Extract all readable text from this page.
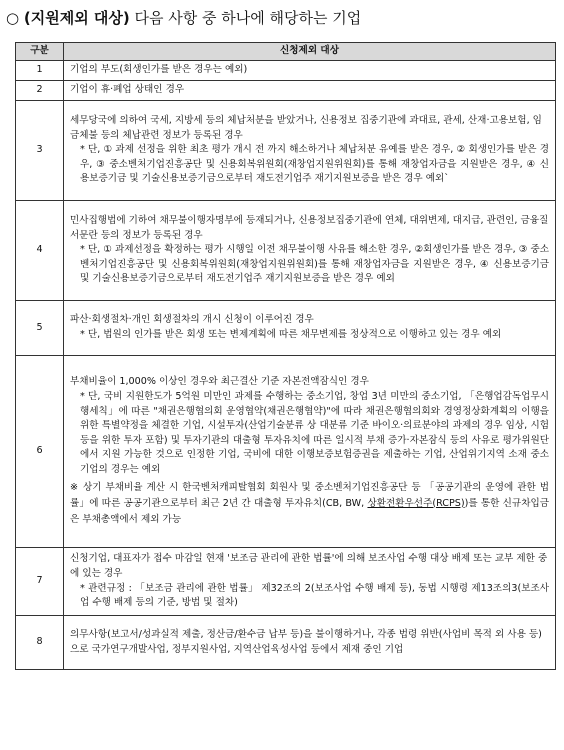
○ (지원제외 대상) 다음 사항 중 하나에 해당하는 기업
구분	신청제외 대상
1	기업의 부도(회생인가를 받은 경우는 예외)

2	기업이 휴·폐업 상태인 경우

3	세무당국에 의하여 국세, 지방세 등의 체납처분을 받았거나, 신용정보 집중기관에 과대료, 관세, 산재·고용보험, 임금체불 등의 체납관련 정보가 등록된 경우

* 단, ① 과제 선정을 위한 최초 평가 개시 전 까지 해소하거나 체납처분 유예를 받은 경우, ② 회생인가를 받은 경우, ③ 중소벤처기업진흥공단 및 신용회복위원회(재창업지원위원회)를 통해 재창업자금을 지원받은 경우, ④ 신용보증기금 및 기술신용보증기금으로부터 재도전기업주 재기지원보증을 받은 경우 예외`

4	민사집행법에 기하여 채무불이행자명부에 등재되거나, 신용정보집중기관에 연체, 대위변제, 대지급, 관련인, 금융질서문란 등의 정보가 등록된 경우

* 단, ① 과제선정을 확정하는 평가 시행일 이전 채무불이행 사유를 해소한 경우, ②회생인가를 받은 경우, ③ 중소벤처기업진흥공단 및 신용회복위원회(재창업지원위원회)를 통해 재창업자금을 지원받은 경우, ④ 신용보증기금 및 기술신용보증기금으로부터 재도전기업주 재기지원보증을 받은 경우 예외

5	파산·회생절차·개인 회생절차의 개시 신청이 이루어진 경우

* 단, 법원의 인가를 받은 회생 또는 변제계획에 따른 채무변제를 정상적으로 이행하고 있는 경우 예외

6	부채비율이 1,000% 이상인 경우와 최근결산 기준 자본전액잠식인 경우

* 단, 국비 지원한도가 5억원 미만인 과제를 수행하는 중소기업, 창업 3년 미만의 중소기업, 「은행업감독업무시행세칙」에 따른 "채권은행협의회 운영협약(채권은행협약)"에 따라 채권은행협의회와 경영정상화계획의 이행을 위한 특별약정을 체결한 기업, 시설투자(산업기술분류 상 대분류 기준 바이오·의료분야의 과제의 경우 임상, 시험 등을 위한 투자 포함) 및 투자기관의 대출형 투자유치에 따른 일시적 부채 증가·자본잠식 등의 사유로 평가위원단에서 지원 가능한 것으로 인정한 기업, 국비에 대한 이행보증보험증권을 제출하는 기업, 산업위기지역 소재 중소기업의 경우는 예외

※ 상기 부채비율 계산 시 한국벤처캐피탈협회 회원사 및 중소벤처기업진흥공단 등 「공공기관의 운영에 관한 법률」에 따른 공공기관으로부터 최근 2년 간 대출형 투자유치(CB, BW, 상환전환우선주(RCPS))를 통한 신규차입금은 부채총액에서 제외 가능

7	신청기업, 대표자가 접수 마감일 현재 '보조금 관리에 관한 법률'에 의해 보조사업 수행 대상 배제 또는 교부 제한 중에 있는 경우

* 관련규정 : 「보조금 관리에 관한 법률」 제32조의 2(보조사업 수행 배제 등), 동법 시행령 제13조의3(보조사업 수행 배제 등의 기준, 방법 및 절차)

8	의무사항(보고서/성과실적 제출, 정산금/환수금 납부 등)을 불이행하거나, 각종 법령 위반(사업비 목적 외 사용 등)으로 국가연구개발사업, 정부지원사업, 지역산업육성사업 등에서 제재 중인 기업
